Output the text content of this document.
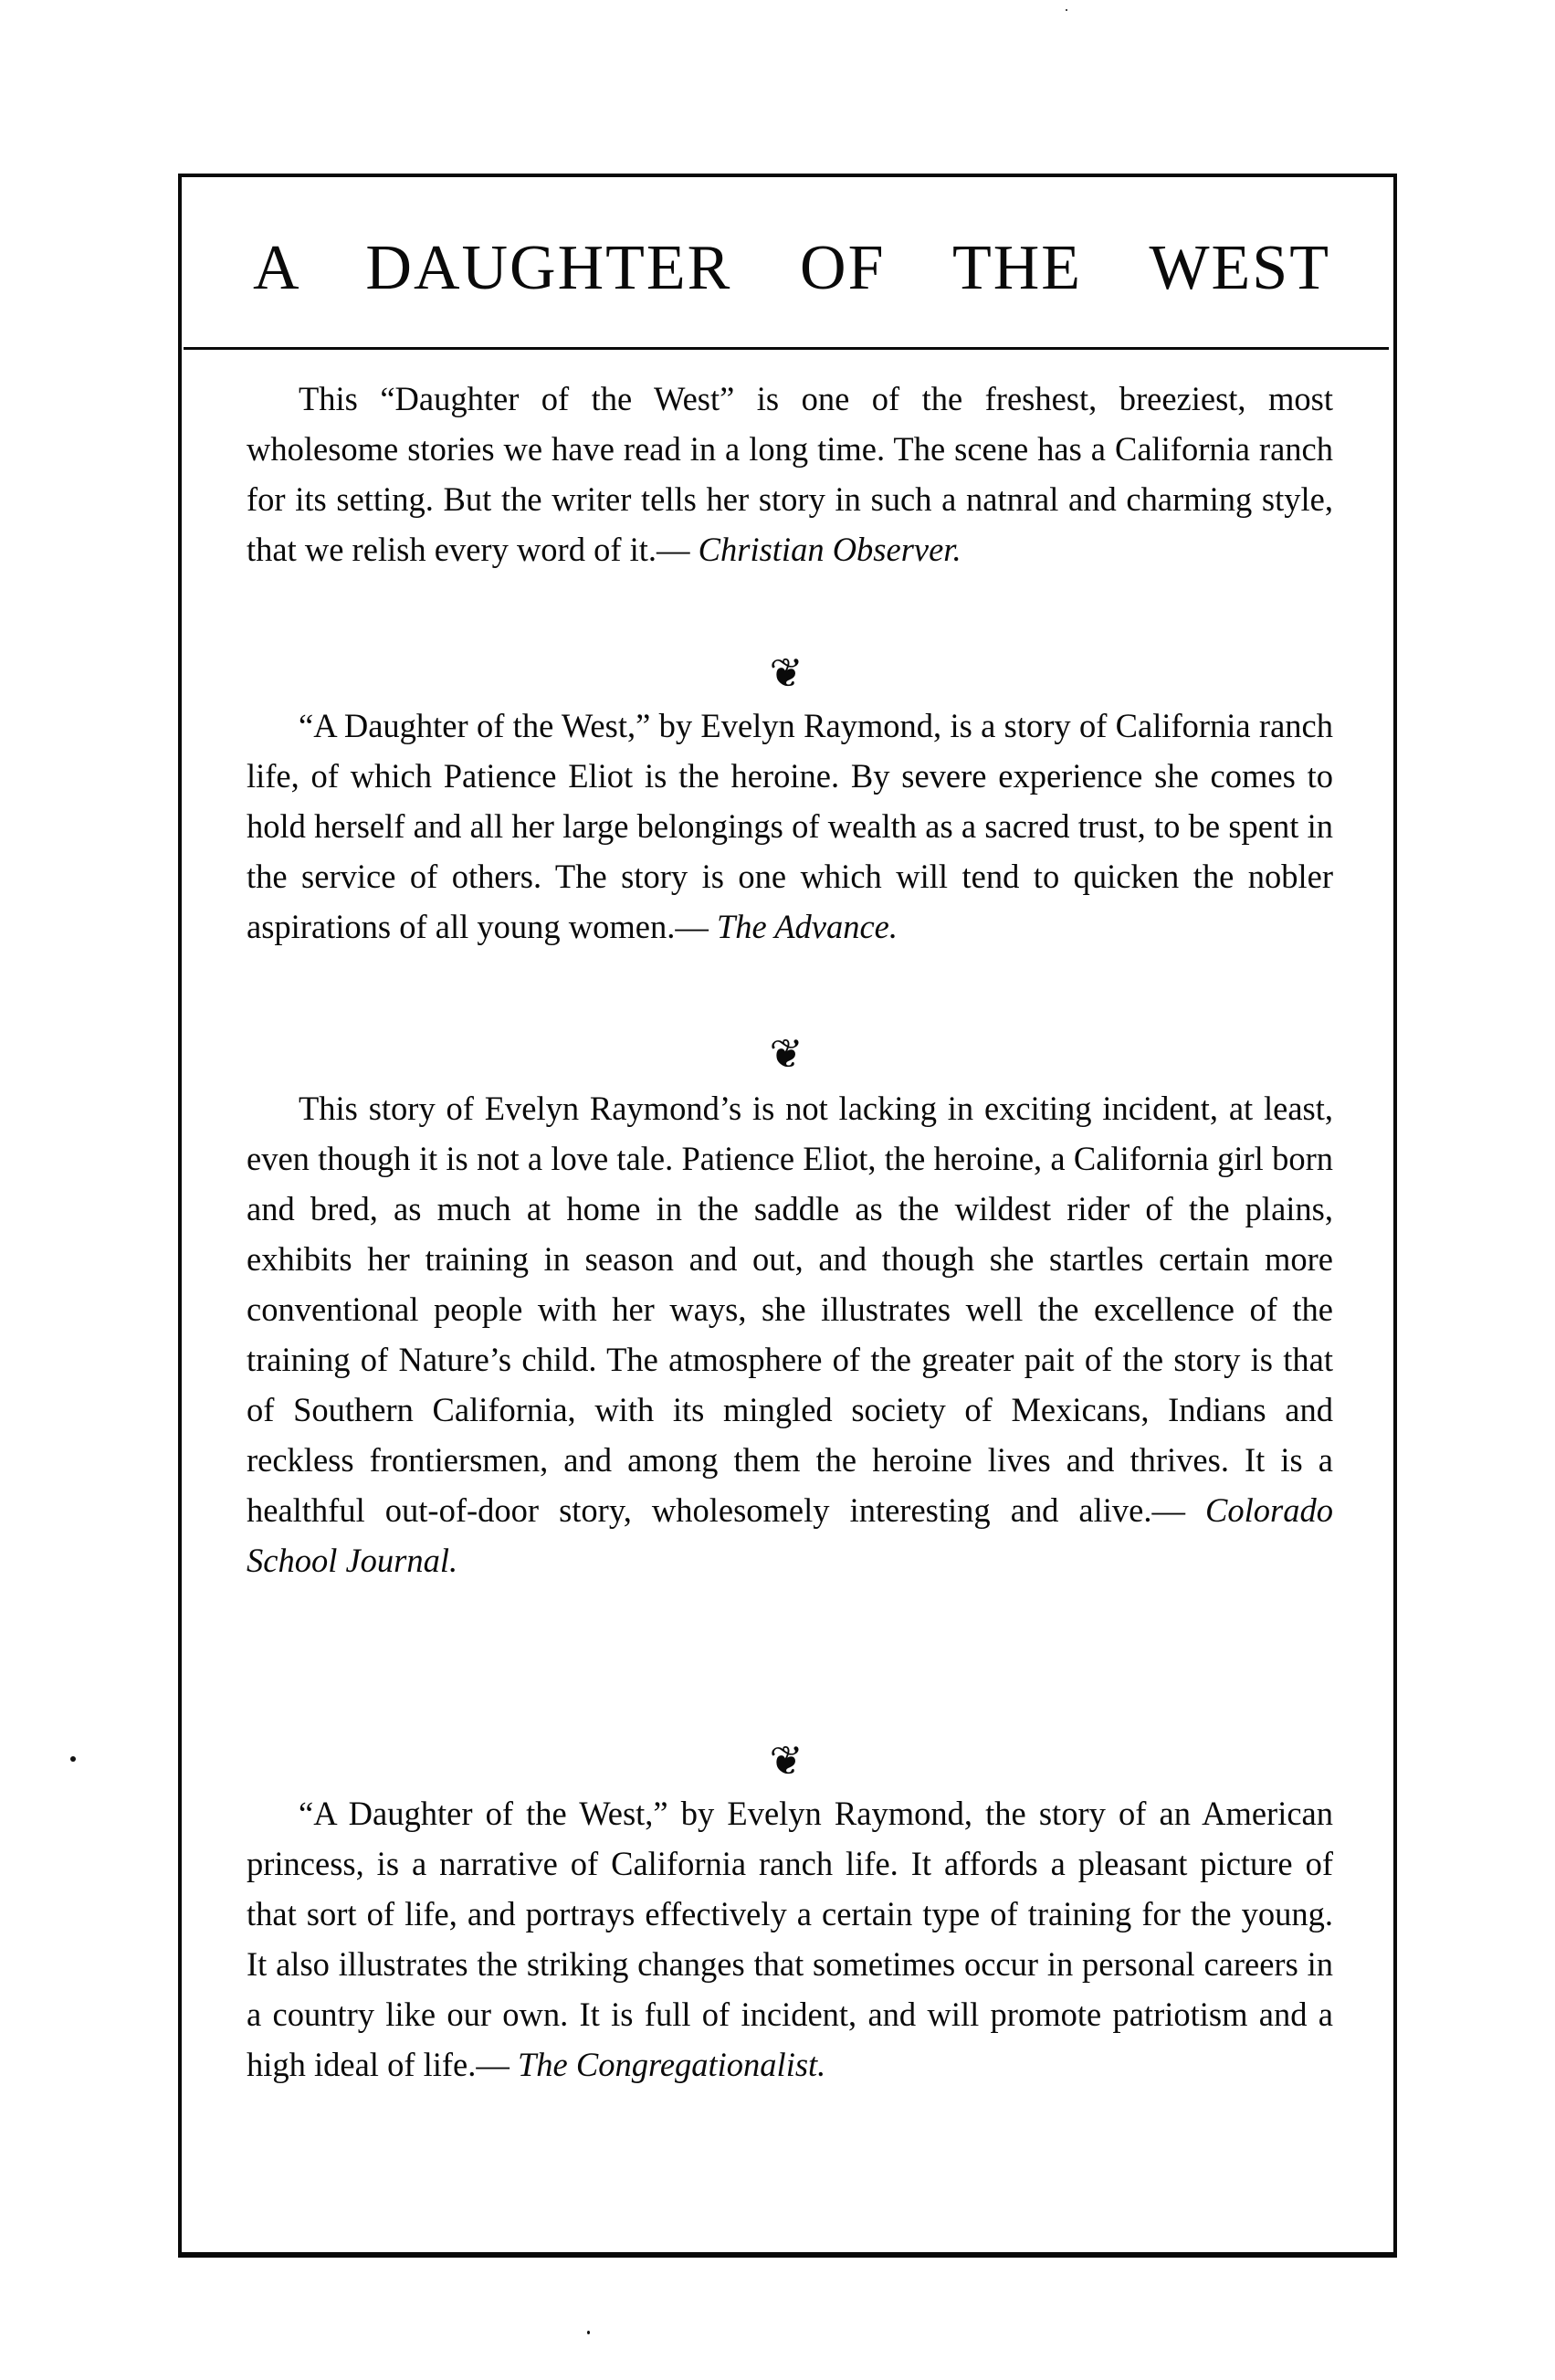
A DAUGHTER OF THE WEST

This “Daughter of the West” is one of the freshest, breeziest, most wholesome stories we have read in a long time. The scene has a California ranch for its setting. But the writer tells her story in such a natnral and charming style, that we relish every word of it.— Christian Observer.

❦

“A Daughter of the West,” by Evelyn Raymond, is a story of California ranch life, of which Patience Eliot is the heroine. By severe experience she comes to hold herself and all her large belongings of wealth as a sacred trust, to be spent in the service of others. The story is one which will tend to quicken the nobler aspirations of all young women.— The Advance.

❦

This story of Evelyn Raymond’s is not lacking in exciting incident, at least, even though it is not a love tale. Patience Eliot, the heroine, a California girl born and bred, as much at home in the saddle as the wildest rider of the plains, exhibits her training in season and out, and though she startles certain more conventional people with her ways, she illustrates well the excellence of the training of Nature’s child. The atmosphere of the greater pait of the story is that of Southern California, with its mingled society of Mexicans, Indians and reckless frontiersmen, and among them the heroine lives and thrives. It is a healthful out-of-door story, wholesomely interesting and alive.— Colorado School Journal.

❦

“A Daughter of the West,” by Evelyn Raymond, the story of an American princess, is a narrative of California ranch life. It affords a pleasant picture of that sort of life, and portrays effectively a certain type of training for the young. It also illustrates the striking changes that sometimes occur in personal careers in a country like our own. It is full of incident, and will promote patriotism and a high ideal of life.— The Congregationalist.
